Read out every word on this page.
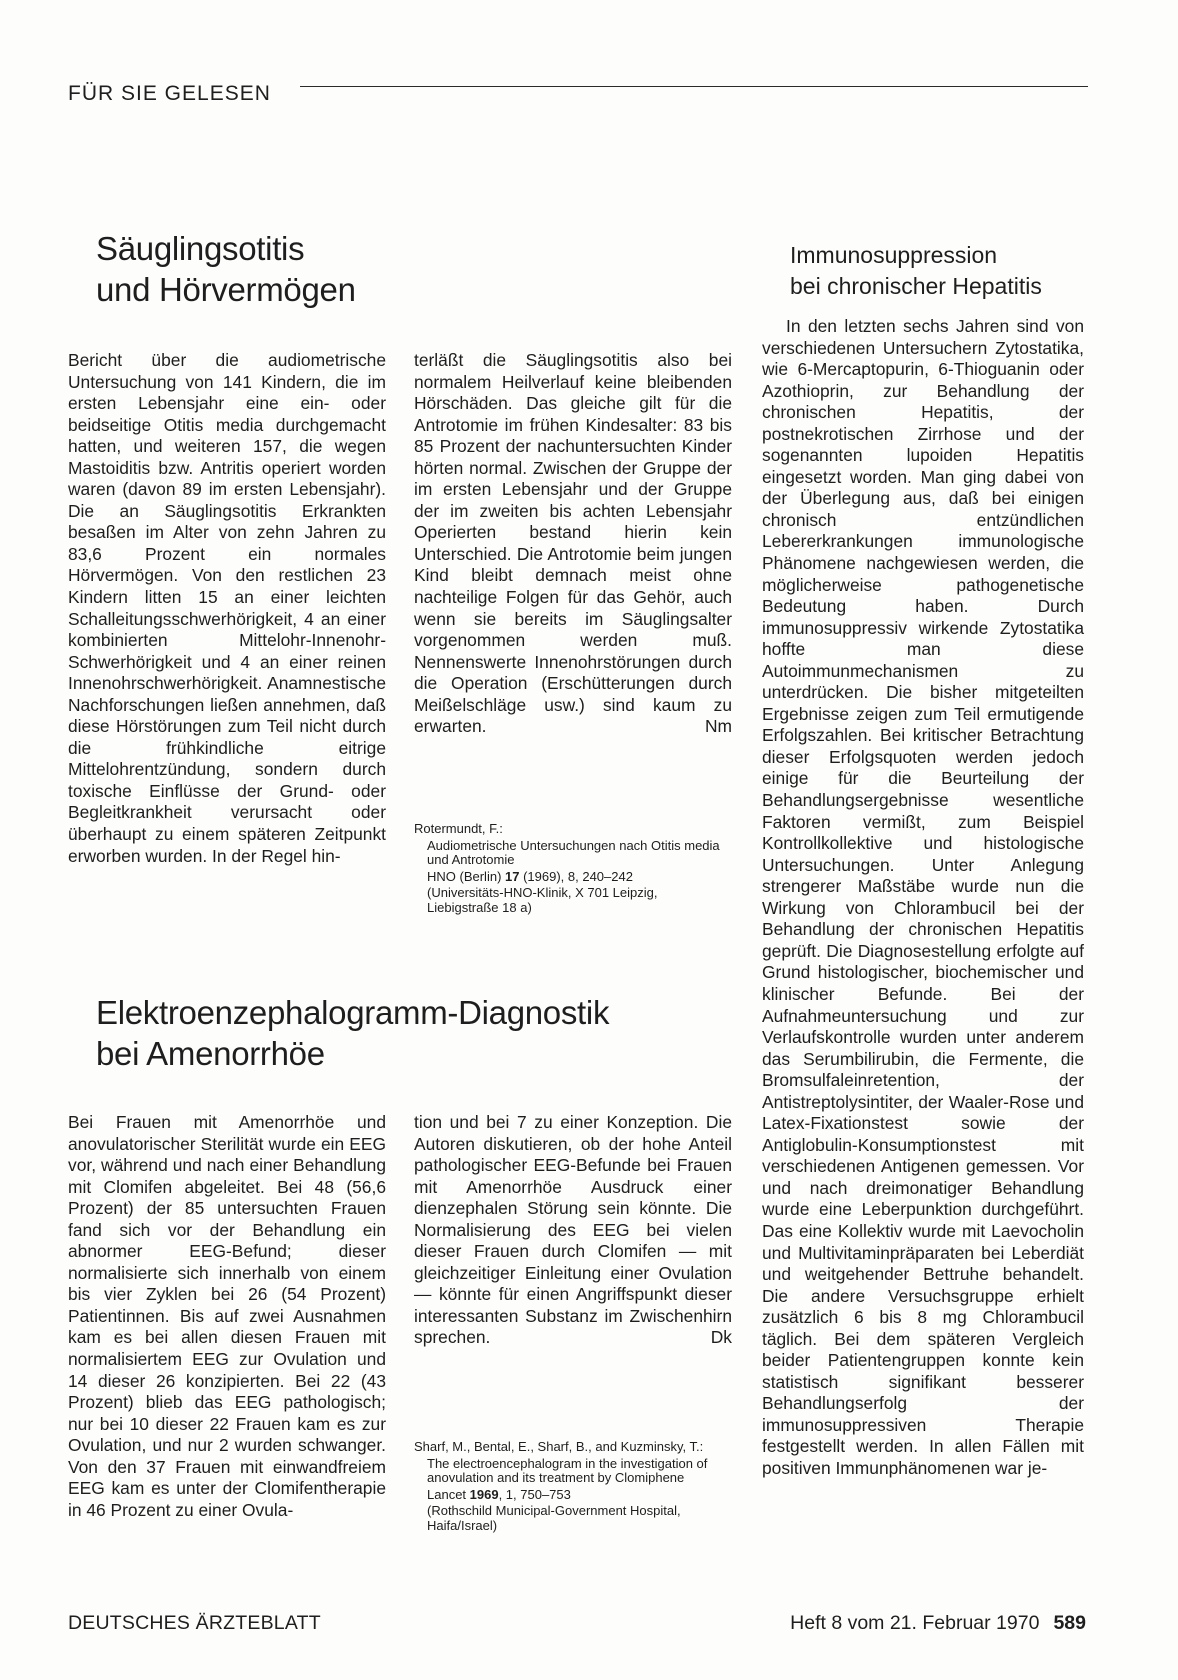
FÜR SIE GELESEN
Säuglingsotitis
und Hörvermögen

Bericht über die audiometrische Untersuchung von 141 Kindern, die im ersten Lebensjahr eine ein- oder beidseitige Otitis media durchgemacht hatten, und weiteren 157, die wegen Mastoiditis bzw. Antritis operiert worden waren (davon 89 im ersten Lebensjahr). Die an Säuglingsotitis Erkrankten besaßen im Alter von zehn Jahren zu 83,6 Prozent ein normales Hörvermögen. Von den restlichen 23 Kindern litten 15 an einer leichten Schalleitungsschwerhörigkeit, 4 an einer kombinierten Mittelohr-Innenohr-Schwerhörigkeit und 4 an einer reinen Innenohrschwerhörigkeit. Anamnestische Nachforschungen ließen annehmen, daß diese Hörstörungen zum Teil nicht durch die frühkindliche eitrige Mittelohrentzündung, sondern durch toxische Einflüsse der Grund- oder Begleitkrankheit verursacht oder überhaupt zu einem späteren Zeitpunkt erworben wurden. In der Regel hin-

terläßt die Säuglingsotitis also bei normalem Heilverlauf keine bleibenden Hörschäden. Das gleiche gilt für die Antrotomie im frühen Kindesalter: 83 bis 85 Prozent der nachuntersuchten Kinder hörten normal. Zwischen der Gruppe der im ersten Lebensjahr und der Gruppe der im zweiten bis achten Lebensjahr Operierten bestand hierin kein Unterschied. Die Antrotomie beim jungen Kind bleibt demnach meist ohne nachteilige Folgen für das Gehör, auch wenn sie bereits im Säuglingsalter vorgenommen werden muß. Nennenswerte Innenohrstörungen durch die Operation (Erschütterungen durch Meißelschläge usw.) sind kaum zu erwarten.	Nm

Rotermundt, F.:

Audiometrische Untersuchungen nach Otitis media und Antrotomie

HNO (Berlin) 17 (1969), 8, 240–242

(Universitäts-HNO-Klinik, X 701 Leipzig, Liebigstraße 18 a)

Elektroenzephalogramm-Diagnostik
bei Amenorrhöe

Bei Frauen mit Amenorrhöe und anovulatorischer Sterilität wurde ein EEG vor, während und nach einer Behandlung mit Clomifen abgeleitet. Bei 48 (56,6 Prozent) der 85 untersuchten Frauen fand sich vor der Behandlung ein abnormer EEG-Befund; dieser normalisierte sich innerhalb von einem bis vier Zyklen bei 26 (54 Prozent) Patientinnen. Bis auf zwei Ausnahmen kam es bei allen diesen Frauen mit normalisiertem EEG zur Ovulation und 14 dieser 26 konzipierten. Bei 22 (43 Prozent) blieb das EEG pathologisch; nur bei 10 dieser 22 Frauen kam es zur Ovulation, und nur 2 wurden schwanger. Von den 37 Frauen mit einwandfreiem EEG kam es unter der Clomifentherapie in 46 Prozent zu einer Ovula-

tion und bei 7 zu einer Konzeption. Die Autoren diskutieren, ob der hohe Anteil pathologischer EEG-Befunde bei Frauen mit Amenorrhöe Ausdruck einer dienzephalen Störung sein könnte. Die Normalisierung des EEG bei vielen dieser Frauen durch Clomifen — mit gleichzeitiger Einleitung einer Ovulation — könnte für einen Angriffspunkt dieser interessanten Substanz im Zwischenhirn sprechen.	Dk

Sharf, M., Bental, E., Sharf, B., and Kuzminsky, T.:

The electroencephalogram in the investigation of anovulation and its treatment by Clomiphene

Lancet 1969, 1, 750–753

(Rothschild Municipal-Government Hospital, Haifa/Israel)

Immunosuppression
bei chronischer Hepatitis

In den letzten sechs Jahren sind von verschiedenen Untersuchern Zytostatika, wie 6-Mercaptopurin, 6-Thioguanin oder Azothioprin, zur Behandlung der chronischen Hepatitis, der postnekrotischen Zirrhose und der sogenannten lupoiden Hepatitis eingesetzt worden. Man ging dabei von der Überlegung aus, daß bei einigen chronisch entzündlichen Lebererkrankungen immunologische Phänomene nachgewiesen werden, die möglicherweise pathogenetische Bedeutung haben. Durch immunosuppressiv wirkende Zytostatika hoffte man diese Autoimmunmechanismen zu unterdrücken. Die bisher mitgeteilten Ergebnisse zeigen zum Teil ermutigende Erfolgszahlen. Bei kritischer Betrachtung dieser Erfolgsquoten werden jedoch einige für die Beurteilung der Behandlungsergebnisse wesentliche Faktoren vermißt, zum Beispiel Kontrollkollektive und histologische Untersuchungen. Unter Anlegung strengerer Maßstäbe wurde nun die Wirkung von Chlorambucil bei der Behandlung der chronischen Hepatitis geprüft. Die Diagnosestellung erfolgte auf Grund histologischer, biochemischer und klinischer Befunde. Bei der Aufnahmeuntersuchung und zur Verlaufskontrolle wurden unter anderem das Serumbilirubin, die Fermente, die Bromsulfaleinretention, der Antistreptolysintiter, der Waaler-Rose und Latex-Fixationstest sowie der Antiglobulin-Konsumptionstest mit verschiedenen Antigenen gemessen. Vor und nach dreimonatiger Behandlung wurde eine Leberpunktion durchgeführt. Das eine Kollektiv wurde mit Laevocholin und Multivitaminpräparaten bei Leberdiät und weitgehender Bettruhe behandelt. Die andere Versuchsgruppe erhielt zusätzlich 6 bis 8 mg Chlorambucil täglich. Bei dem späteren Vergleich beider Patientengruppen konnte kein statistisch signifikant besserer Behandlungserfolg der immunosuppressiven Therapie festgestellt werden. In allen Fällen mit positiven Immunphänomenen war je-

DEUTSCHES ÄRZTEBLATT	Heft 8 vom 21. Februar 1970 589
